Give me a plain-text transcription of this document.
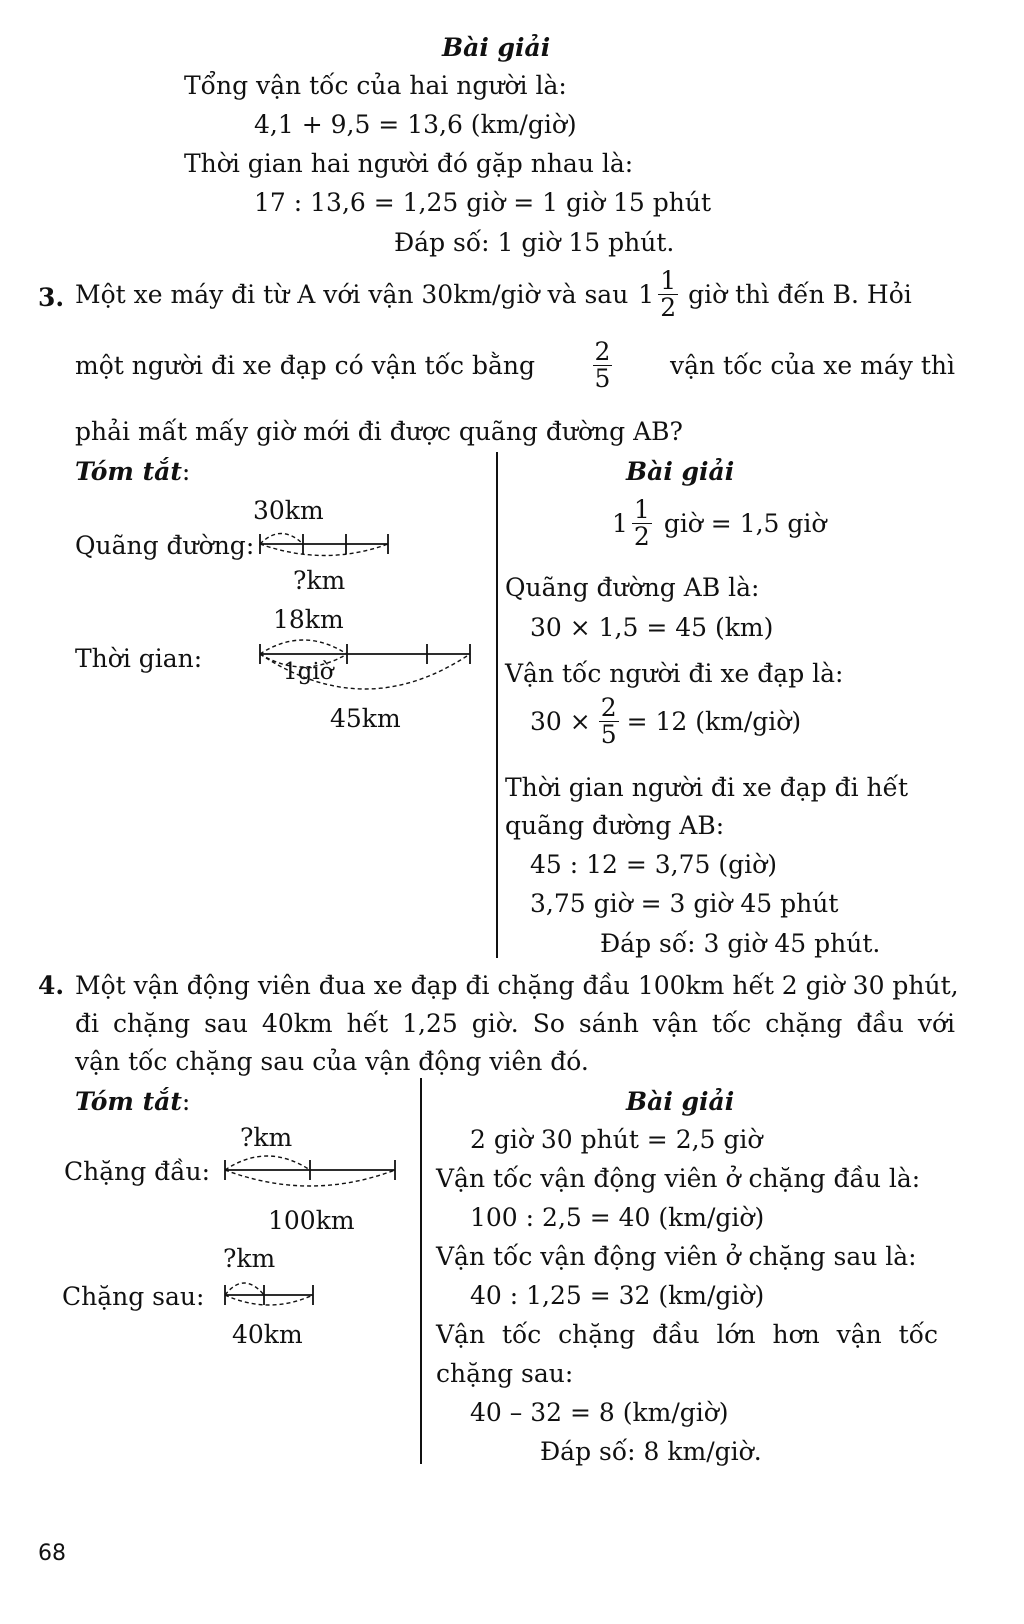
Bài giải
Tổng vận tốc của hai người là:
4,1 + 9,5 = 13,6 (km/giờ)
Thời gian hai người đó gặp nhau là:
17 : 13,6 = 1,25 giờ = 1 giờ 15 phút
Đáp số: 1 giờ 15 phút.
3. Một xe máy đi từ A với vận 30km/giờ và sau $1 \frac{1}{2}$ giờ thì đến B. Hỏi
một người đi xe đạp có vận tốc bằng $\frac{2}{5}$ vận tốc của xe máy thì
phải mất mấy giờ mới đi được quãng đường AB?
Tóm tắt:
30km
Quãng đường:
?km
18km
Thời gian:	1giờ
45km
Bài giải
$1 \frac{1}{2}$ giờ = 1,5 giờ
Quãng đường AB là:
30 × 1,5 = 45 (km)
Vận tốc người đi xe đạp là:
$30 \times \frac{2}{5} = 12$ (km/giờ)
Thời gian người đi xe đạp đi hết
quãng đường AB:
45 : 12 = 3,75 (giờ)
3,75 giờ = 3 giờ 45 phút
Đáp số: 3 giờ 45 phút.
4. Một vận động viên đua xe đạp đi chặng đầu 100km hết 2 giờ 30 phút,
đi chặng sau 40km hết 1,25 giờ. So sánh vận tốc chặng đầu với
vận tốc chặng sau của vận động viên đó.
Tóm tắt:
?km
Chặng đầu:
100km
?km
Chặng sau:
40km
Bài giải
2 giờ 30 phút = 2,5 giờ
Vận tốc vận động viên ở chặng đầu là:
100 : 2,5 = 40 (km/giờ)
Vận tốc vận động viên ở chặng sau là:
40 : 1,25 = 32 (km/giờ)
Vận tốc chặng đầu lớn hơn vận tốc
chặng sau:
40 – 32 = 8 (km/giờ)
Đáp số: 8 km/giờ.
68
